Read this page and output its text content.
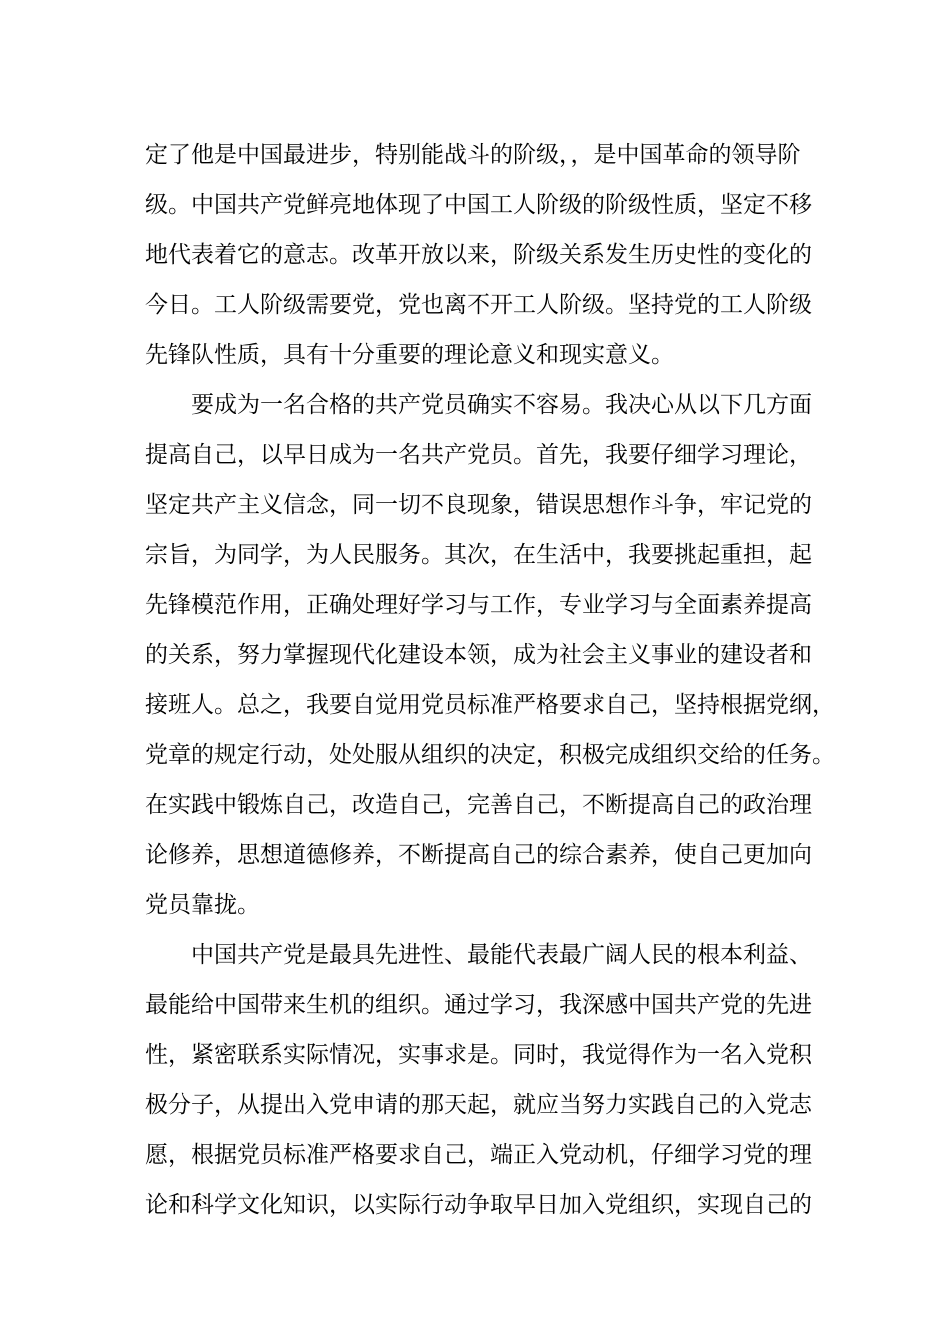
定了他是中国最进步，特别能战斗的阶级，，是中国革命的领导阶
级。中国共产党鲜亮地体现了中国工人阶级的阶级性质，坚定不移
地代表着它的意志。改革开放以来，阶级关系发生历史性的变化的
今日。工人阶级需要党，党也离不开工人阶级。坚持党的工人阶级
先锋队性质，具有十分重要的理论意义和现实意义。
要成为一名合格的共产党员确实不容易。我决心从以下几方面
提高自己，以早日成为一名共产党员。首先，我要仔细学习理论，
坚定共产主义信念，同一切不良现象，错误思想作斗争，牢记党的
宗旨，为同学，为人民服务。其次，在生活中，我要挑起重担，起
先锋模范作用，正确处理好学习与工作，专业学习与全面素养提高
的关系，努力掌握现代化建设本领，成为社会主义事业的建设者和
接班人。总之，我要自觉用党员标准严格要求自己，坚持根据党纲，
党章的规定行动，处处服从组织的决定，积极完成组织交给的任务。
在实践中锻炼自己，改造自己，完善自己，不断提高自己的政治理
论修养，思想道德修养，不断提高自己的综合素养，使自己更加向
党员靠拢。
中国共产党是最具先进性、最能代表最广阔人民的根本利益、
最能给中国带来生机的组织。通过学习，我深感中国共产党的先进
性，紧密联系实际情况，实事求是。同时，我觉得作为一名入党积
极分子，从提出入党申请的那天起，就应当努力实践自己的入党志
愿，根据党员标准严格要求自己，端正入党动机，仔细学习党的理
论和科学文化知识，以实际行动争取早日加入党组织，实现自己的
